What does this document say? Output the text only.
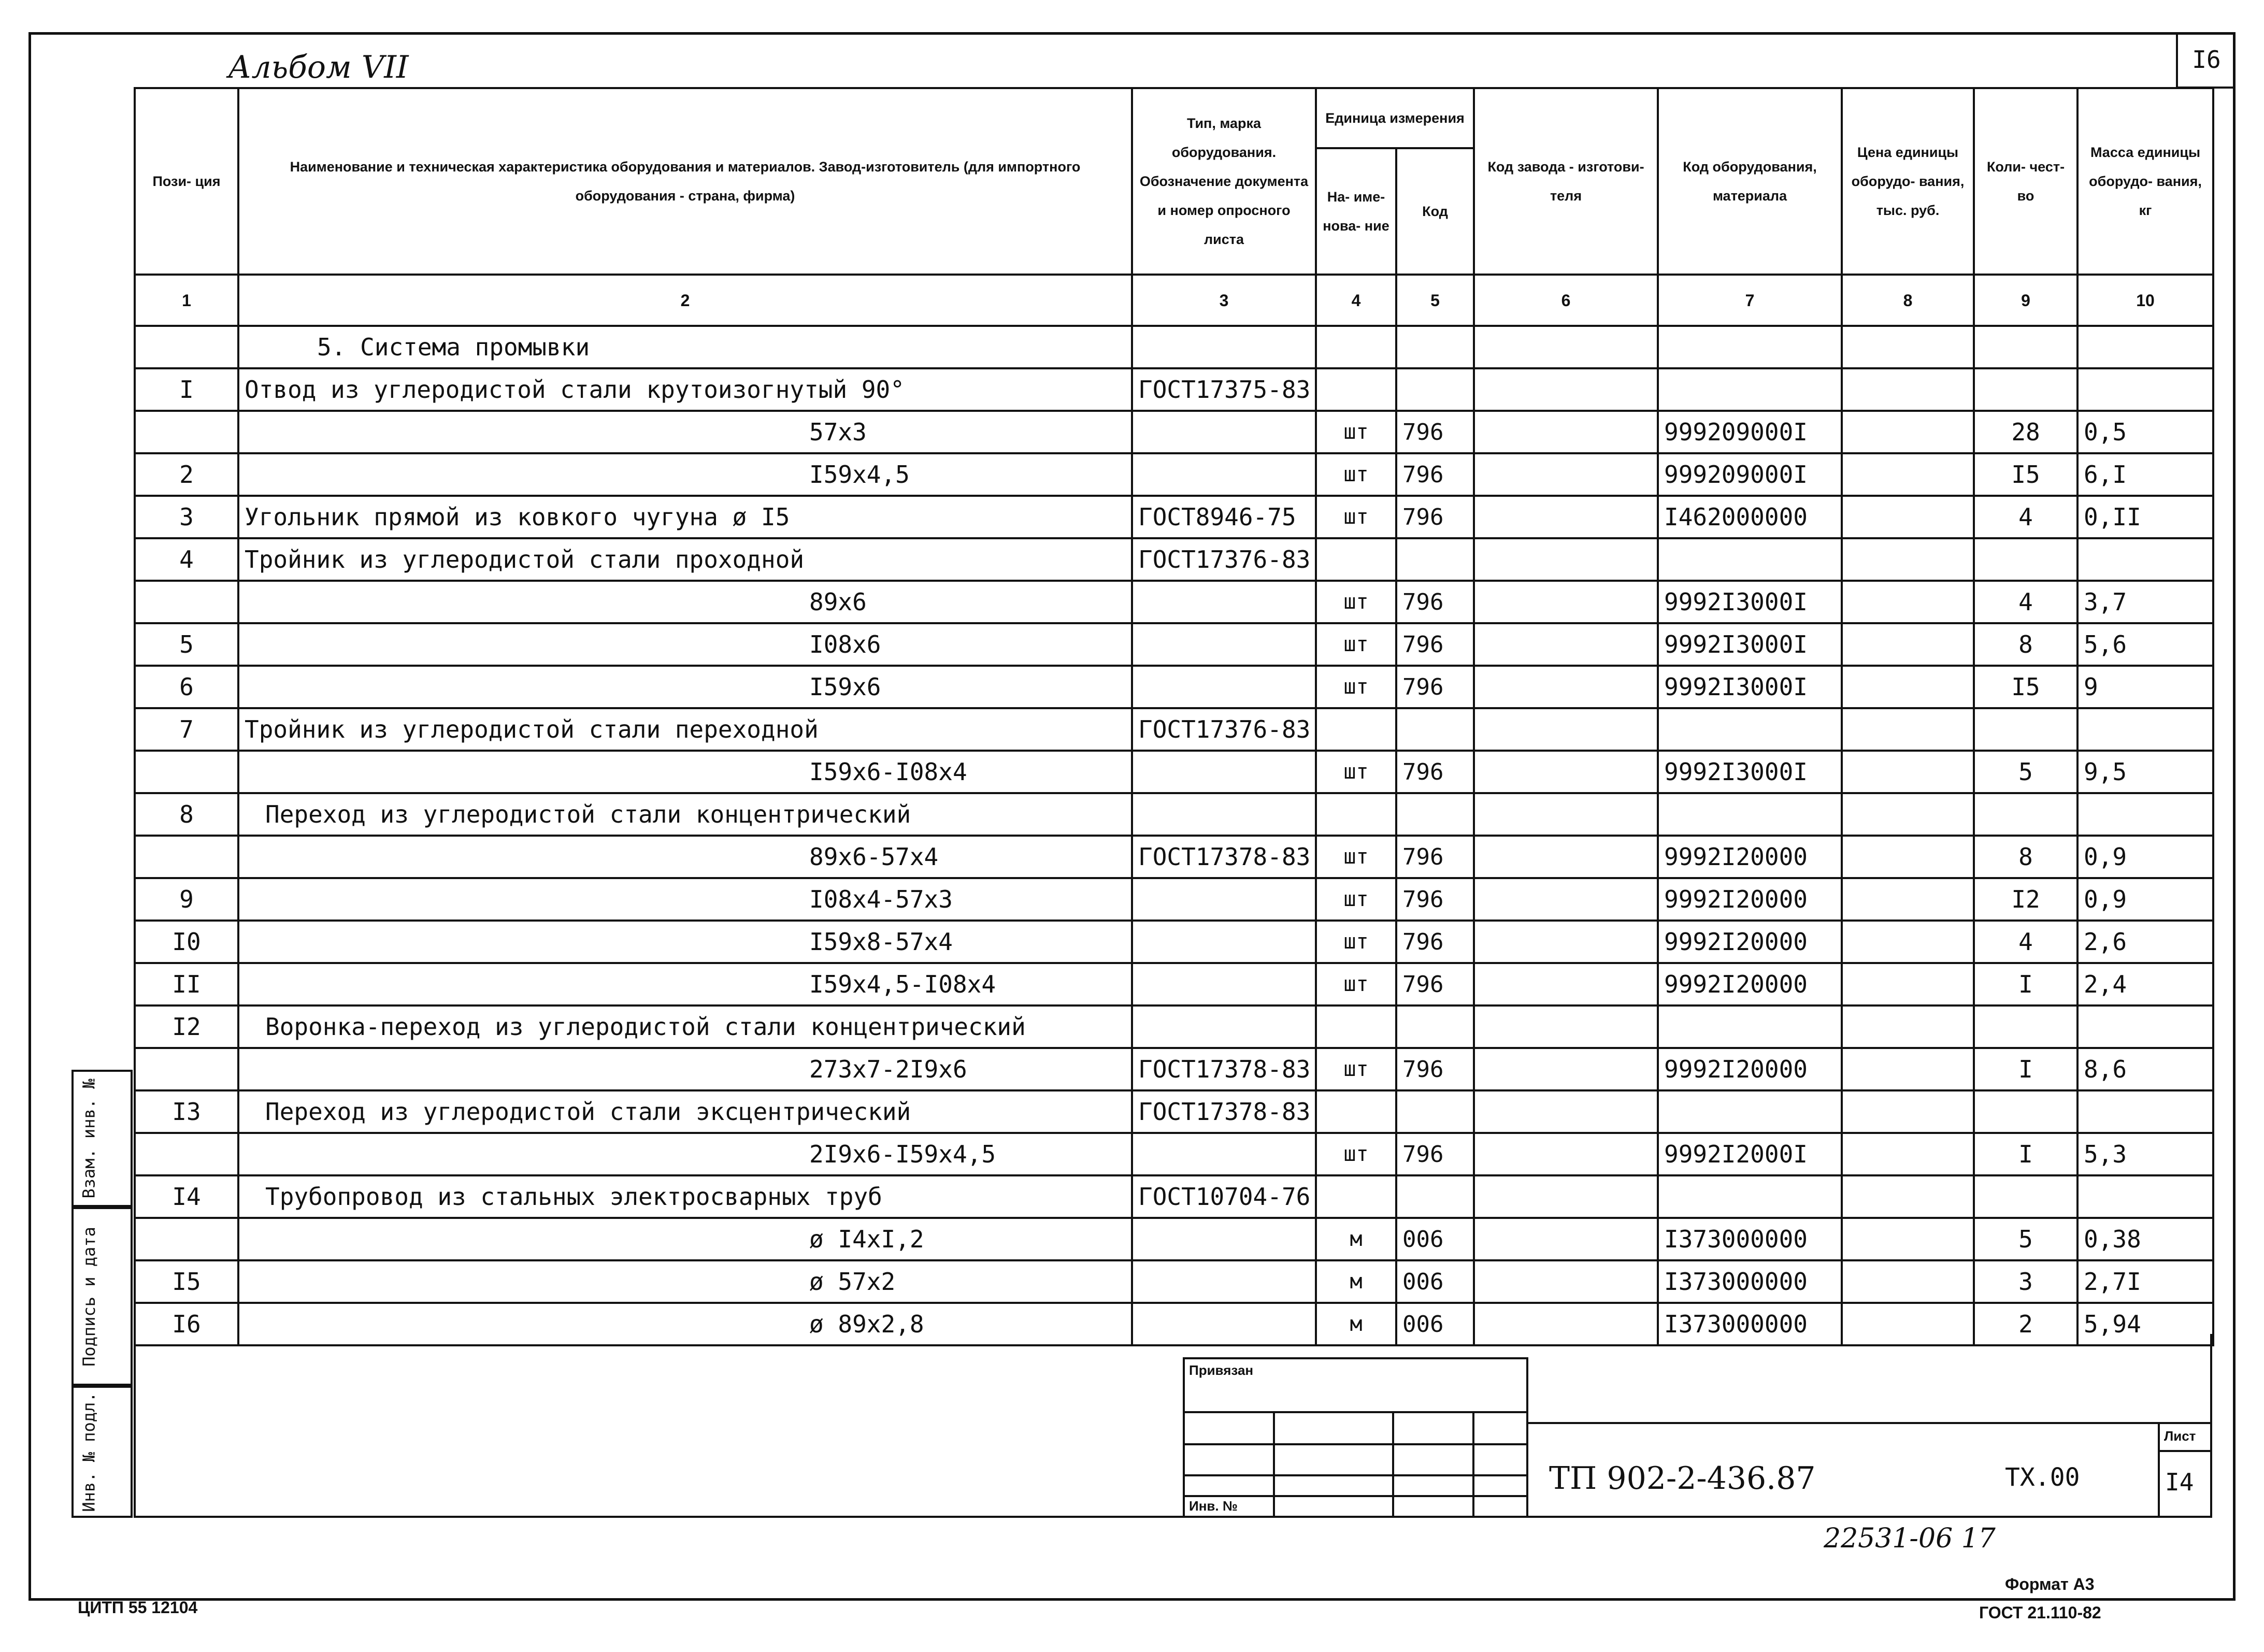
Альбом VII	I6
Пози- ция	Наименование и техническая характеристика оборудования и материалов. Завод-изготовитель (для импортного оборудования - страна, фирма)	Тип, марка оборудования. Обозначение документа и номер опросного листа	Единица измерения		Код завода - изготови- теля	Код оборудования, материала	Цена единицы оборудо- вания, тыс. руб.	Коли- чест- во	Масса единицы оборудо- вания, кг
			На- име- нова- ние	Код					
1	2	3	4	5	6	7	8	9	10
	5. Система промывки								
I	Отвод из углеродистой стали крутоизогнутый 90°	ГОСТ17375-83							
	57х3		шт	796		999209000I		28	0,5
2	I59х4,5		шт	796		999209000I		I5	6,I
3	Угольник прямой из ковкого чугуна ø I5	ГОСТ8946-75	шт	796		I462000000		4	0,II
4	Тройник из углеродистой стали проходной	ГОСТ17376-83							
	89х6		шт	796		9992I3000I		4	3,7
5	I08х6		шт	796		9992I3000I		8	5,6
6	I59х6		шт	796		9992I3000I		I5	9
7	Тройник из углеродистой стали переходной	ГОСТ17376-83							
	I59х6-I08х4		шт	796		9992I3000I		5	9,5
8	Переход из углеродистой стали концентрический								
	89х6-57х4	ГОСТ17378-83	шт	796		9992I20000		8	0,9
9	I08х4-57х3		шт	796		9992I20000		I2	0,9
I0	I59х8-57х4		шт	796		9992I20000		4	2,6
II	I59х4,5-I08х4		шт	796		9992I20000		I	2,4
I2	Воронка-переход из углеродистой стали концентрический								
	273х7-2I9х6	ГОСТ17378-83	шт	796		9992I20000		I	8,6
I3	Переход из углеродистой стали эксцентрический	ГОСТ17378-83							
	2I9х6-I59х4,5		шт	796		9992I2000I		I	5,3
I4	Трубопровод из стальных электросварных труб	ГОСТ10704-76							
	ø I4хI,2		м	006		I373000000		5	0,38
I5	ø 57х2		м	006		I373000000		3	2,7I
I6	ø 89х2,8		м	006		I373000000		2	5,94
Взам. инв. №
Подпись и дата
Инв. № подл.
Привязан
Инв. №
ТП 902-2-436.87	ТХ.00
Лист
I4
22531-06 17
Формат А3
ГОСТ 21.110-82
ЦИТП 55 12104
